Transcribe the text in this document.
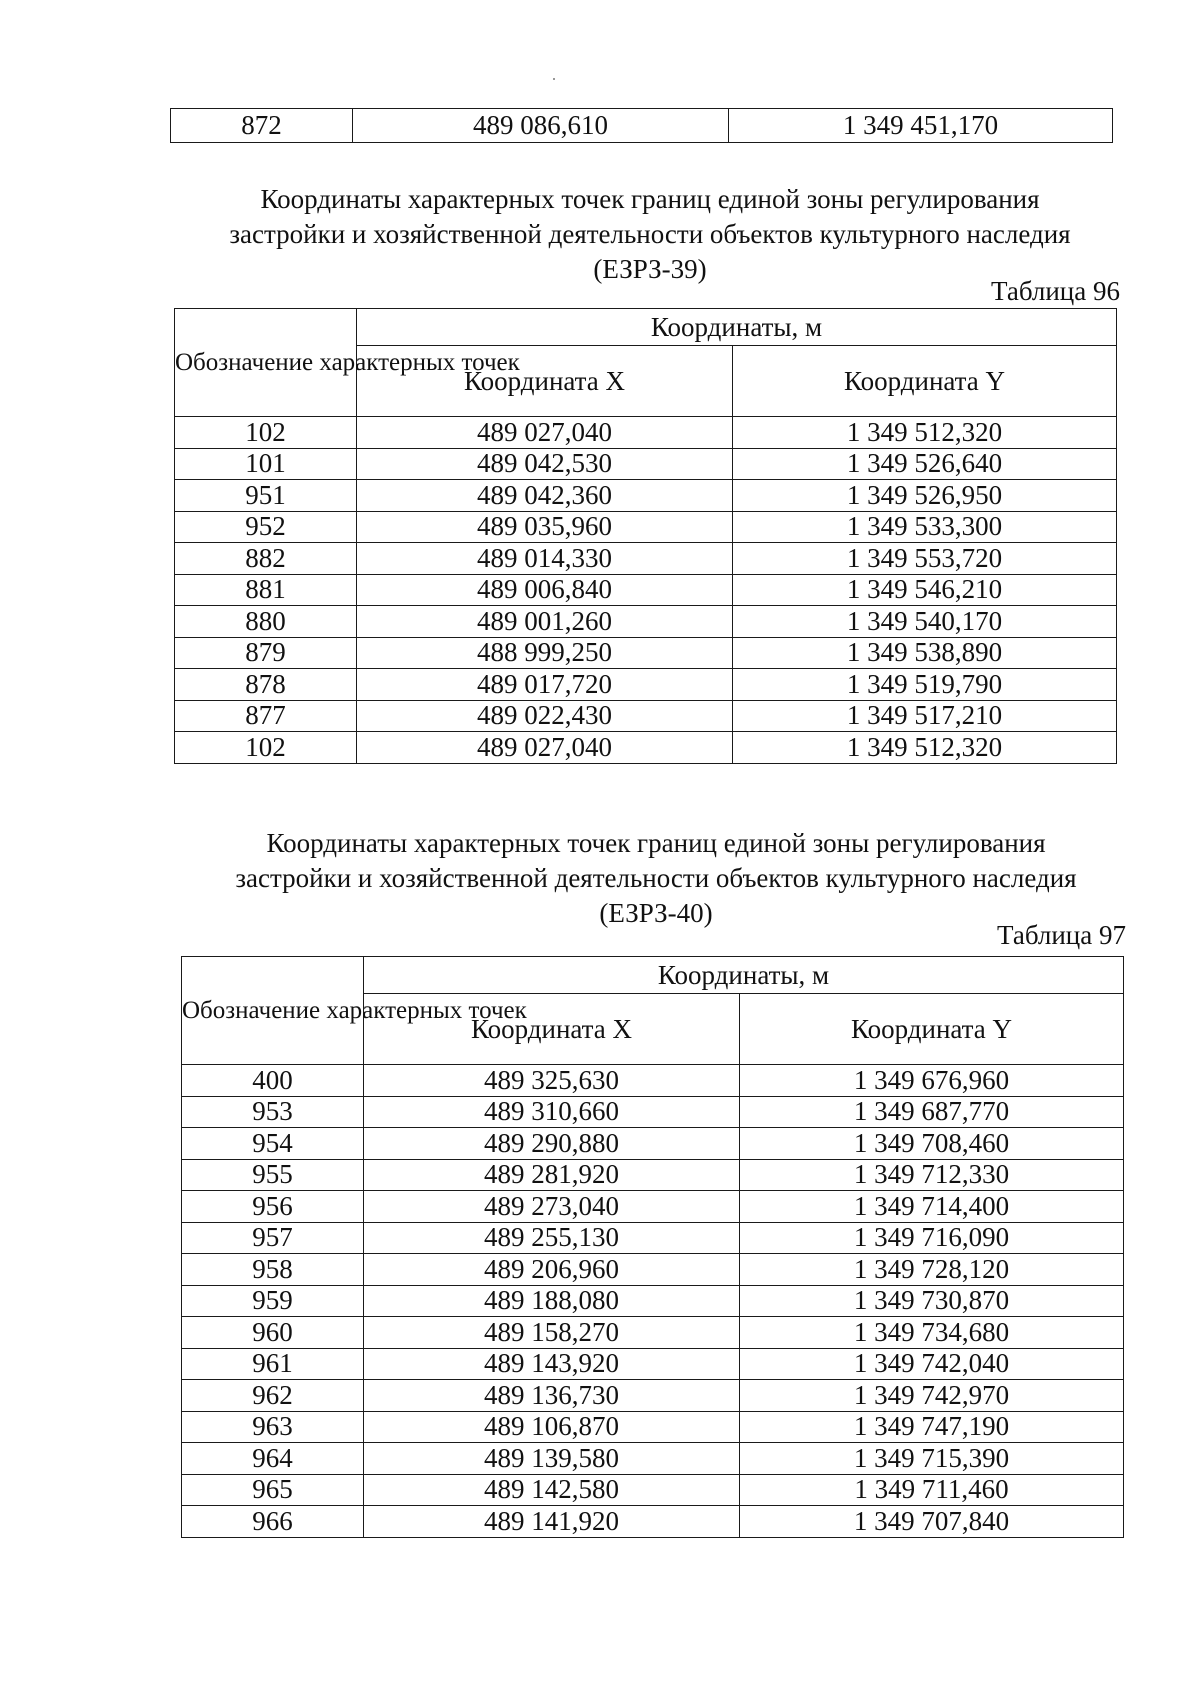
872	489 086,610	1 349 451,170
Координаты характерных точек границ единой зоны регулирования
застройки и хозяйственной деятельности объектов культурного наследия
(ЕЗРЗ-39)
Таблица 96
Обозначение характерных точек	Координаты, м	
	Координата X	Координата Y
102	489 027,040	1 349 512,320
101	489 042,530	1 349 526,640
951	489 042,360	1 349 526,950
952	489 035,960	1 349 533,300
882	489 014,330	1 349 553,720
881	489 006,840	1 349 546,210
880	489 001,260	1 349 540,170
879	488 999,250	1 349 538,890
878	489 017,720	1 349 519,790
877	489 022,430	1 349 517,210
102	489 027,040	1 349 512,320
Координаты характерных точек границ единой зоны регулирования
застройки и хозяйственной деятельности объектов культурного наследия
(ЕЗРЗ-40)
Таблица 97
Обозначение характерных точек	Координаты, м	
	Координата X	Координата Y
400	489 325,630	1 349 676,960
953	489 310,660	1 349 687,770
954	489 290,880	1 349 708,460
955	489 281,920	1 349 712,330
956	489 273,040	1 349 714,400
957	489 255,130	1 349 716,090
958	489 206,960	1 349 728,120
959	489 188,080	1 349 730,870
960	489 158,270	1 349 734,680
961	489 143,920	1 349 742,040
962	489 136,730	1 349 742,970
963	489 106,870	1 349 747,190
964	489 139,580	1 349 715,390
965	489 142,580	1 349 711,460
966	489 141,920	1 349 707,840
